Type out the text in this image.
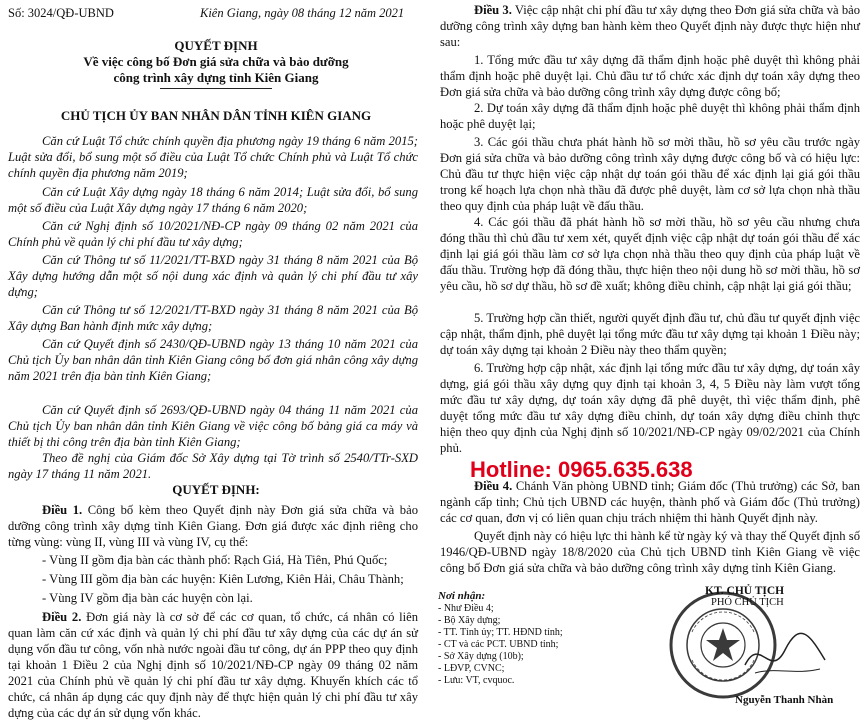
Số: 3024/QĐ-UBND	Kiên Giang, ngày 08 tháng 12 năm 2021
QUYẾT ĐỊNH
Về việc công bố Đơn giá sửa chữa và bảo dưỡng
công trình xây dựng tỉnh Kiên Giang
CHỦ TỊCH ỦY BAN NHÂN DÂN TỈNH KIÊN GIANG
Căn cứ Luật Tổ chức chính quyền địa phương ngày 19 tháng 6 năm 2015; Luật sửa đổi, bổ sung một số điều của Luật Tổ chức Chính phủ và Luật Tổ chức chính quyền địa phương năm 2019;
Căn cứ Luật Xây dựng ngày 18 tháng 6 năm 2014; Luật sửa đổi, bổ sung một số điều của Luật Xây dựng ngày 17 tháng 6 năm 2020;
Căn cứ Nghị định số 10/2021/NĐ-CP ngày 09 tháng 02 năm 2021 của Chính phủ về quản lý chi phí đầu tư xây dựng;
Căn cứ Thông tư số 11/2021/TT-BXD ngày 31 tháng 8 năm 2021 của Bộ Xây dựng hướng dẫn một số nội dung xác định và quản lý chi phí đầu tư xây dựng;
Căn cứ Thông tư số 12/2021/TT-BXD ngày 31 tháng 8 năm 2021 của Bộ Xây dựng Ban hành định mức xây dựng;
Căn cứ Quyết định số 2430/QĐ-UBND ngày 13 tháng 10 năm 2021 của Chủ tịch Ủy ban nhân dân tỉnh Kiên Giang công bố đơn giá nhân công xây dựng năm 2021 trên địa bàn tỉnh Kiên Giang;
Căn cứ Quyết định số 2693/QĐ-UBND ngày 04 tháng 11 năm 2021 của Chủ tịch Ủy ban nhân dân tỉnh Kiên Giang về việc công bố bảng giá ca máy và thiết bị thi công trên địa bàn tỉnh Kiên Giang;
Theo đề nghị của Giám đốc Sở Xây dựng tại Tờ trình số 2540/TTr-SXD ngày 17 tháng 11 năm 2021.
QUYẾT ĐỊNH:
Điều 1. Công bố kèm theo Quyết định này Đơn giá sửa chữa và bảo dưỡng công trình xây dựng tỉnh Kiên Giang. Đơn giá được xác định riêng cho từng vùng: vùng II, vùng III và vùng IV, cụ thể:
- Vùng II gồm địa bàn các thành phố: Rạch Giá, Hà Tiên, Phú Quốc;
- Vùng III gồm địa bàn các huyện: Kiên Lương, Kiên Hải, Châu Thành;
- Vùng IV gồm địa bàn các huyện còn lại.
Điều 2. Đơn giá này là cơ sở để các cơ quan, tổ chức, cá nhân có liên quan làm căn cứ xác định và quản lý chi phí đầu tư xây dựng của các dự án sử dụng vốn đầu tư công, vốn nhà nước ngoài đầu tư công, dự án PPP theo quy định tại khoản 1 Điều 2 của Nghị định số 10/2021/NĐ-CP ngày 09 tháng 02 năm 2021 của Chính phủ về quản lý chi phí đầu tư xây dựng. Khuyến khích các tổ chức, cá nhân áp dụng các quy định này để thực hiện quản lý chi phí đầu tư xây dựng của các dự án sử dụng vốn khác.
Điều 3. Việc cập nhật chi phí đầu tư xây dựng theo Đơn giá sửa chữa và bảo dưỡng công trình xây dựng ban hành kèm theo Quyết định này được thực hiện như sau:
1. Tổng mức đầu tư xây dựng đã thẩm định hoặc phê duyệt thì không phải thẩm định hoặc phê duyệt lại. Chủ đầu tư tổ chức xác định dự toán xây dựng theo Đơn giá sửa chữa và bảo dưỡng công trình xây dựng được công bố;
2. Dự toán xây dựng đã thẩm định hoặc phê duyệt thì không phải thẩm định hoặc phê duyệt lại;
3. Các gói thầu chưa phát hành hồ sơ mời thầu, hồ sơ yêu cầu trước ngày Đơn giá sửa chữa và bảo dưỡng công trình xây dựng được công bố và có hiệu lực: Chủ đầu tư thực hiện việc cập nhật dự toán gói thầu để xác định lại giá gói thầu trong kế hoạch lựa chọn nhà thầu đã được phê duyệt, làm cơ sở lựa chọn nhà thầu theo quy định của pháp luật về đấu thầu.
4. Các gói thầu đã phát hành hồ sơ mời thầu, hồ sơ yêu cầu nhưng chưa đóng thầu thì chủ đầu tư xem xét, quyết định việc cập nhật dự toán gói thầu để xác định lại giá gói thầu làm cơ sở lựa chọn nhà thầu theo quy định của pháp luật về đấu thầu. Trường hợp đã đóng thầu, thực hiện theo nội dung hồ sơ mời thầu, hồ sơ yêu cầu, hồ sơ dự thầu, hồ sơ đề xuất; không điều chỉnh, cập nhật lại giá gói thầu;
5. Trường hợp cần thiết, người quyết định đầu tư, chủ đầu tư quyết định việc cập nhật, thẩm định, phê duyệt lại tổng mức đầu tư xây dựng tại khoản 1 Điều này; dự toán xây dựng tại khoản 2 Điều này theo thẩm quyền;
6. Trường hợp cập nhật, xác định lại tổng mức đầu tư xây dựng, dự toán xây dựng, giá gói thầu xây dựng quy định tại khoản 3, 4, 5 Điều này làm vượt tổng mức đầu tư xây dựng, dự toán xây dựng đã phê duyệt, thì việc thẩm định, phê duyệt tổng mức đầu tư xây dựng điều chỉnh, dự toán xây dựng điều chỉnh thực hiện theo quy định của Nghị định số 10/2021/NĐ-CP ngày 09/02/2021 của Chính phủ.
Hotline: 0965.635.638
Điều 4. Chánh Văn phòng UBND tỉnh; Giám đốc (Thủ trưởng) các Sở, ban ngành cấp tỉnh; Chủ tịch UBND các huyện, thành phố và Giám đốc (Thủ trưởng) các cơ quan, đơn vị có liên quan chịu trách nhiệm thi hành Quyết định này.
Quyết định này có hiệu lực thi hành kể từ ngày ký và thay thế Quyết định số 1946/QĐ-UBND ngày 18/8/2020 của Chủ tịch UBND tỉnh Kiên Giang về việc công bố Đơn giá sửa chữa và bảo dưỡng công trình xây dựng tỉnh Kiên Giang.
Nơi nhận:
- Như Điều 4;
- Bộ Xây dựng;
- TT. Tỉnh ủy; TT. HĐND tỉnh;
- CT và các PCT. UBND tỉnh;
- Sở Xây dựng (10b);
- LĐVP, CVNC;
- Lưu: VT, cvquoc.
KT. CHỦ TỊCH
PHÓ CHỦ TỊCH
Nguyễn Thanh Nhàn
